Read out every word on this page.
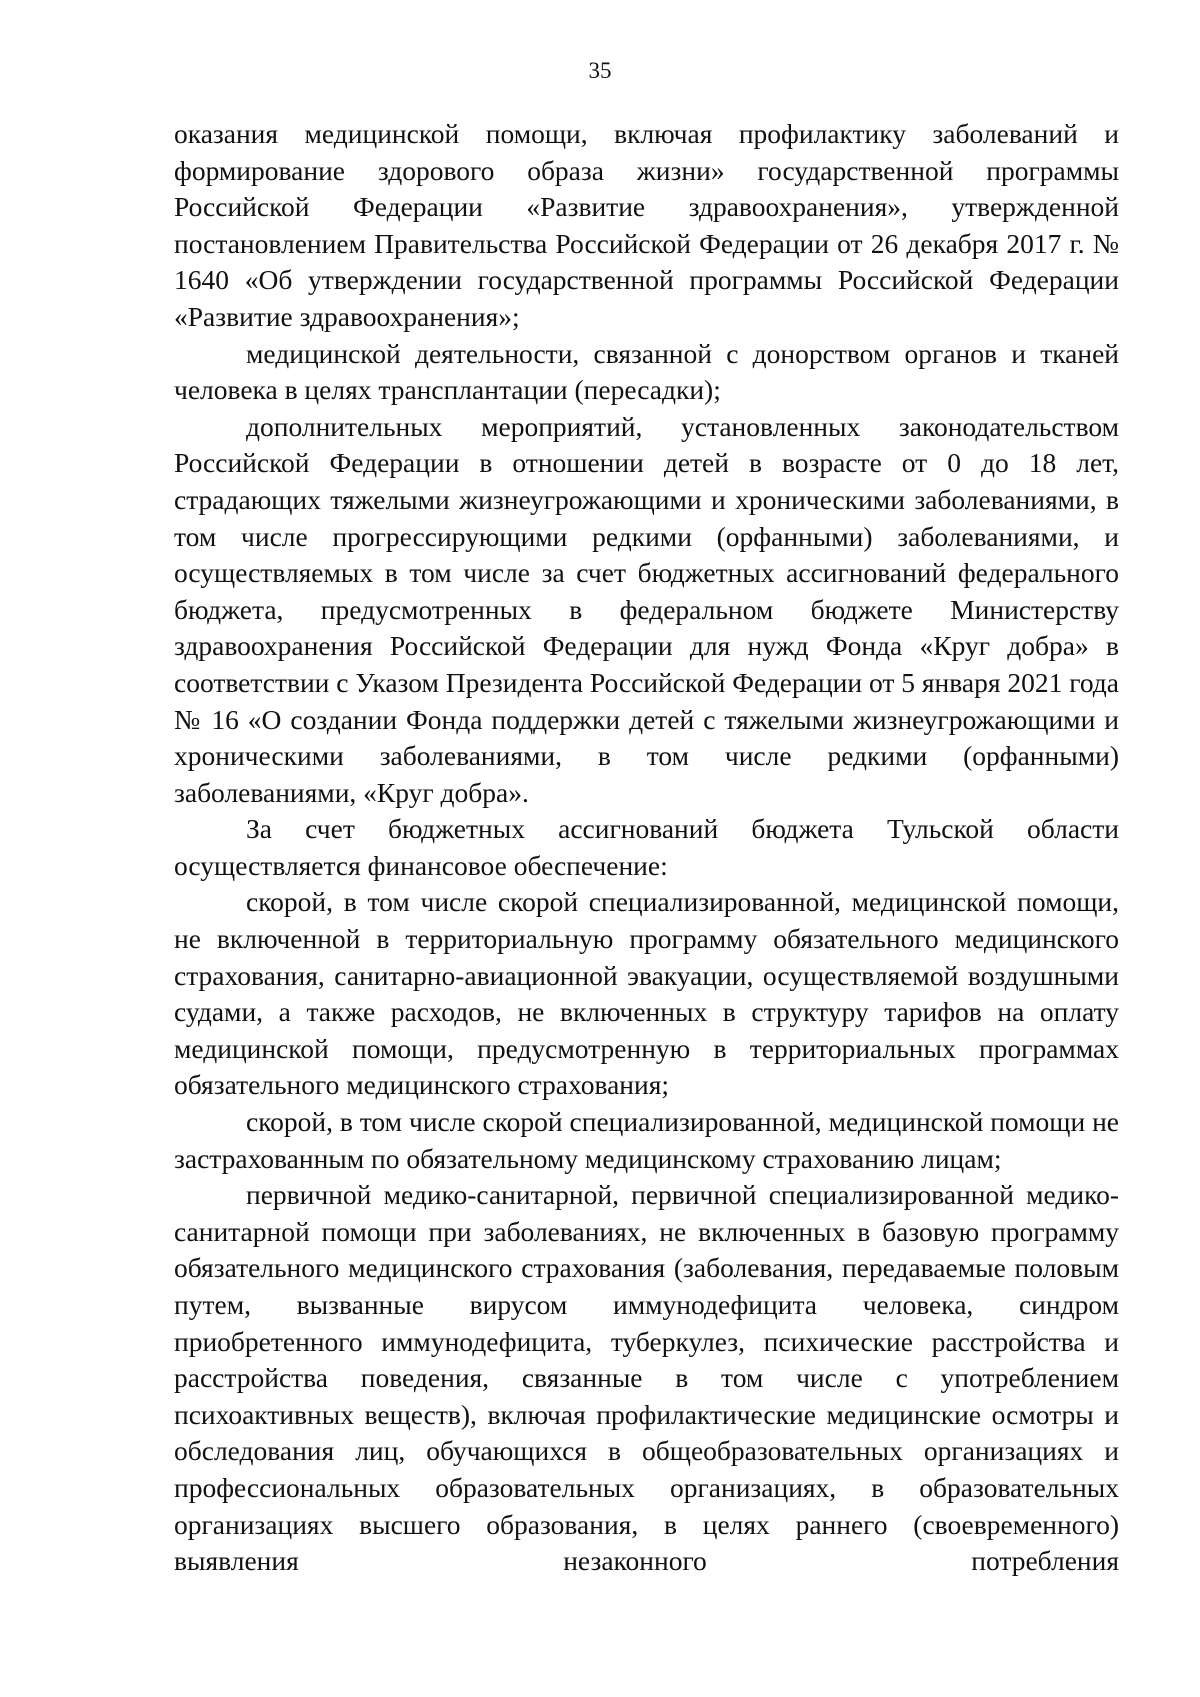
35

оказания медицинской помощи, включая профилактику заболеваний и формирование здорового образа жизни» государственной программы Российской Федерации «Развитие здравоохранения», утвержденной постановлением Правительства Российской Федерации от 26 декабря 2017 г. № 1640 «Об утверждении государственной программы Российской Федерации «Развитие здравоохранения»;

медицинской деятельности, связанной с донорством органов и тканей человека в целях трансплантации (пересадки);

дополнительных мероприятий, установленных законодательством Российской Федерации в отношении детей в возрасте от 0 до 18 лет, страдающих тяжелыми жизнеугрожающими и хроническими заболеваниями, в том числе прогрессирующими редкими (орфанными) заболеваниями, и осуществляемых в том числе за счет бюджетных ассигнований федерального бюджета, предусмотренных в федеральном бюджете Министерству здравоохранения Российской Федерации для нужд Фонда «Круг добра» в соответствии с Указом Президента Российской Федерации от 5 января 2021 года № 16 «О создании Фонда поддержки детей с тяжелыми жизнеугрожающими и хроническими заболеваниями, в том числе редкими (орфанными) заболеваниями, «Круг добра».

За счет бюджетных ассигнований бюджета Тульской области осуществляется финансовое обеспечение:

скорой, в том числе скорой специализированной, медицинской помощи, не включенной в территориальную программу обязательного медицинского страхования, санитарно-авиационной эвакуации, осуществляемой воздушными судами, а также расходов, не включенных в структуру тарифов на оплату медицинской помощи, предусмотренную в территориальных программах обязательного медицинского страхования;

скорой, в том числе скорой специализированной, медицинской помощи не застрахованным по обязательному медицинскому страхованию лицам;

первичной медико-санитарной, первичной специализированной медико-санитарной помощи при заболеваниях, не включенных в базовую программу обязательного медицинского страхования (заболевания, передаваемые половым путем, вызванные вирусом иммунодефицита человека, синдром приобретенного иммунодефицита, туберкулез, психические расстройства и расстройства поведения, связанные в том числе с употреблением психоактивных веществ), включая профилактические медицинские осмотры и обследования лиц, обучающихся в общеобразовательных организациях и профессиональных образовательных организациях, в образовательных организациях высшего образования, в целях раннего (своевременного) выявления незаконного потребления
